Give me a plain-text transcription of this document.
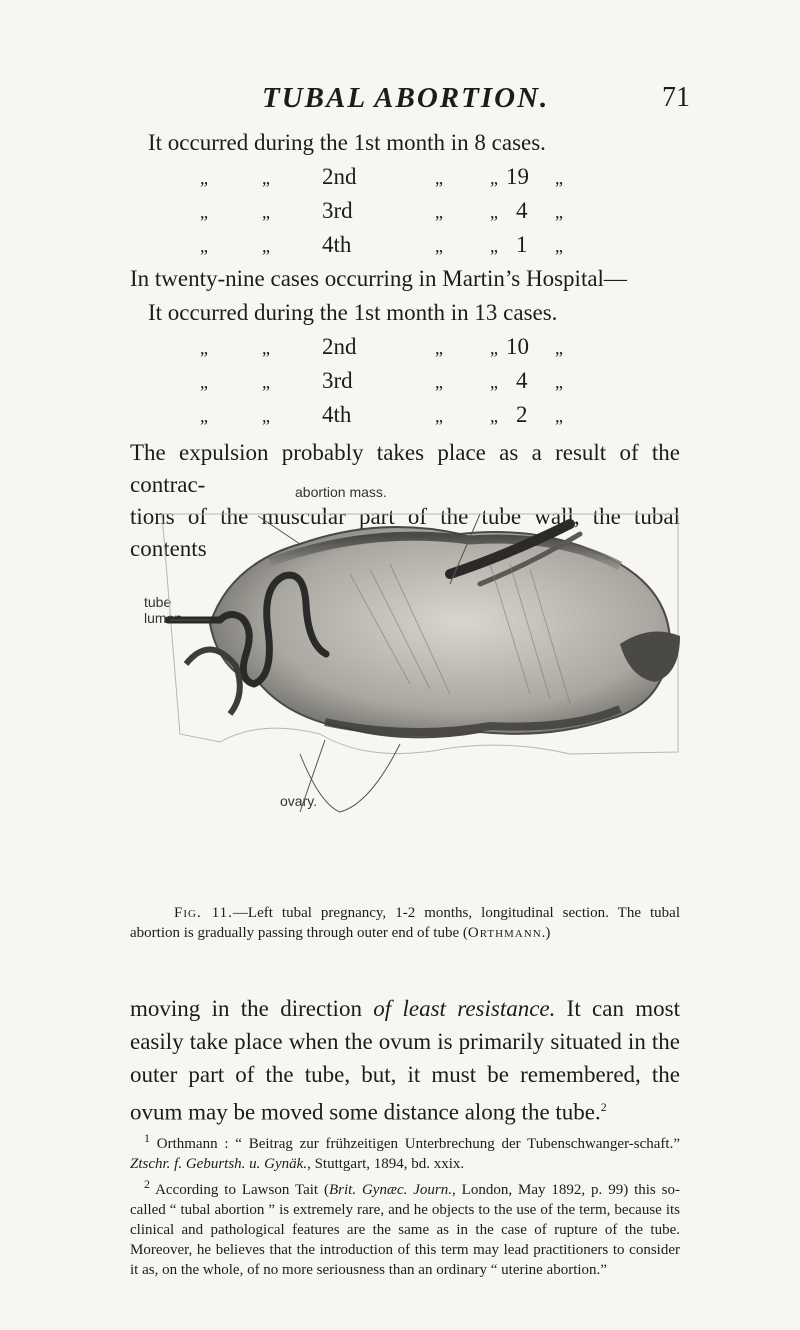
TUBAL ABORTION.	71
It occurred during the 1st month in 8 cases.
„	„ 2nd	„	„ 19 „
„	„ 3rd	„	„ 4 „
„	„ 4th	„	„ 1 „
In twenty-nine cases occurring in Martin’s Hospital—
It occurred during the 1st month in 13 cases.
„	„ 2nd	„	„ 10 „
„	„ 3rd	„	„ 4 „
„	„ 4th	„	„ 2 „

The expulsion probably takes place as a result of the contrac-

tions of the muscular part of the tube wall, the tubal contents

abortion mass.
tube
lumen
ovary.

Fig. 11.—Left tubal pregnancy, 1-2 months, longitudinal section. The tubal abortion is gradually passing through outer end of tube (Orthmann.)

moving in the direction of least resistance. It can most easily take place when the ovum is primarily situated in the outer part of the tube, but, it must be remembered, the ovum may be moved some distance along the tube.$^2$

$^1$ Orthmann : “ Beitrag zur frühzeitigen Unterbrechung der Tubenschwanger-schaft.” Ztschr. f. Geburtsh. u. Gynäk., Stuttgart, 1894, bd. xxix.

$^2$ According to Lawson Tait (Brit. Gynæc. Journ., London, May 1892, p. 99) this so-called “ tubal abortion ” is extremely rare, and he objects to the use of the term, because its clinical and pathological features are the same as in the case of rupture of the tube. Moreover, he believes that the introduction of this term may lead practitioners to consider it as, on the whole, of no more seriousness than an ordinary “ uterine abortion.”
